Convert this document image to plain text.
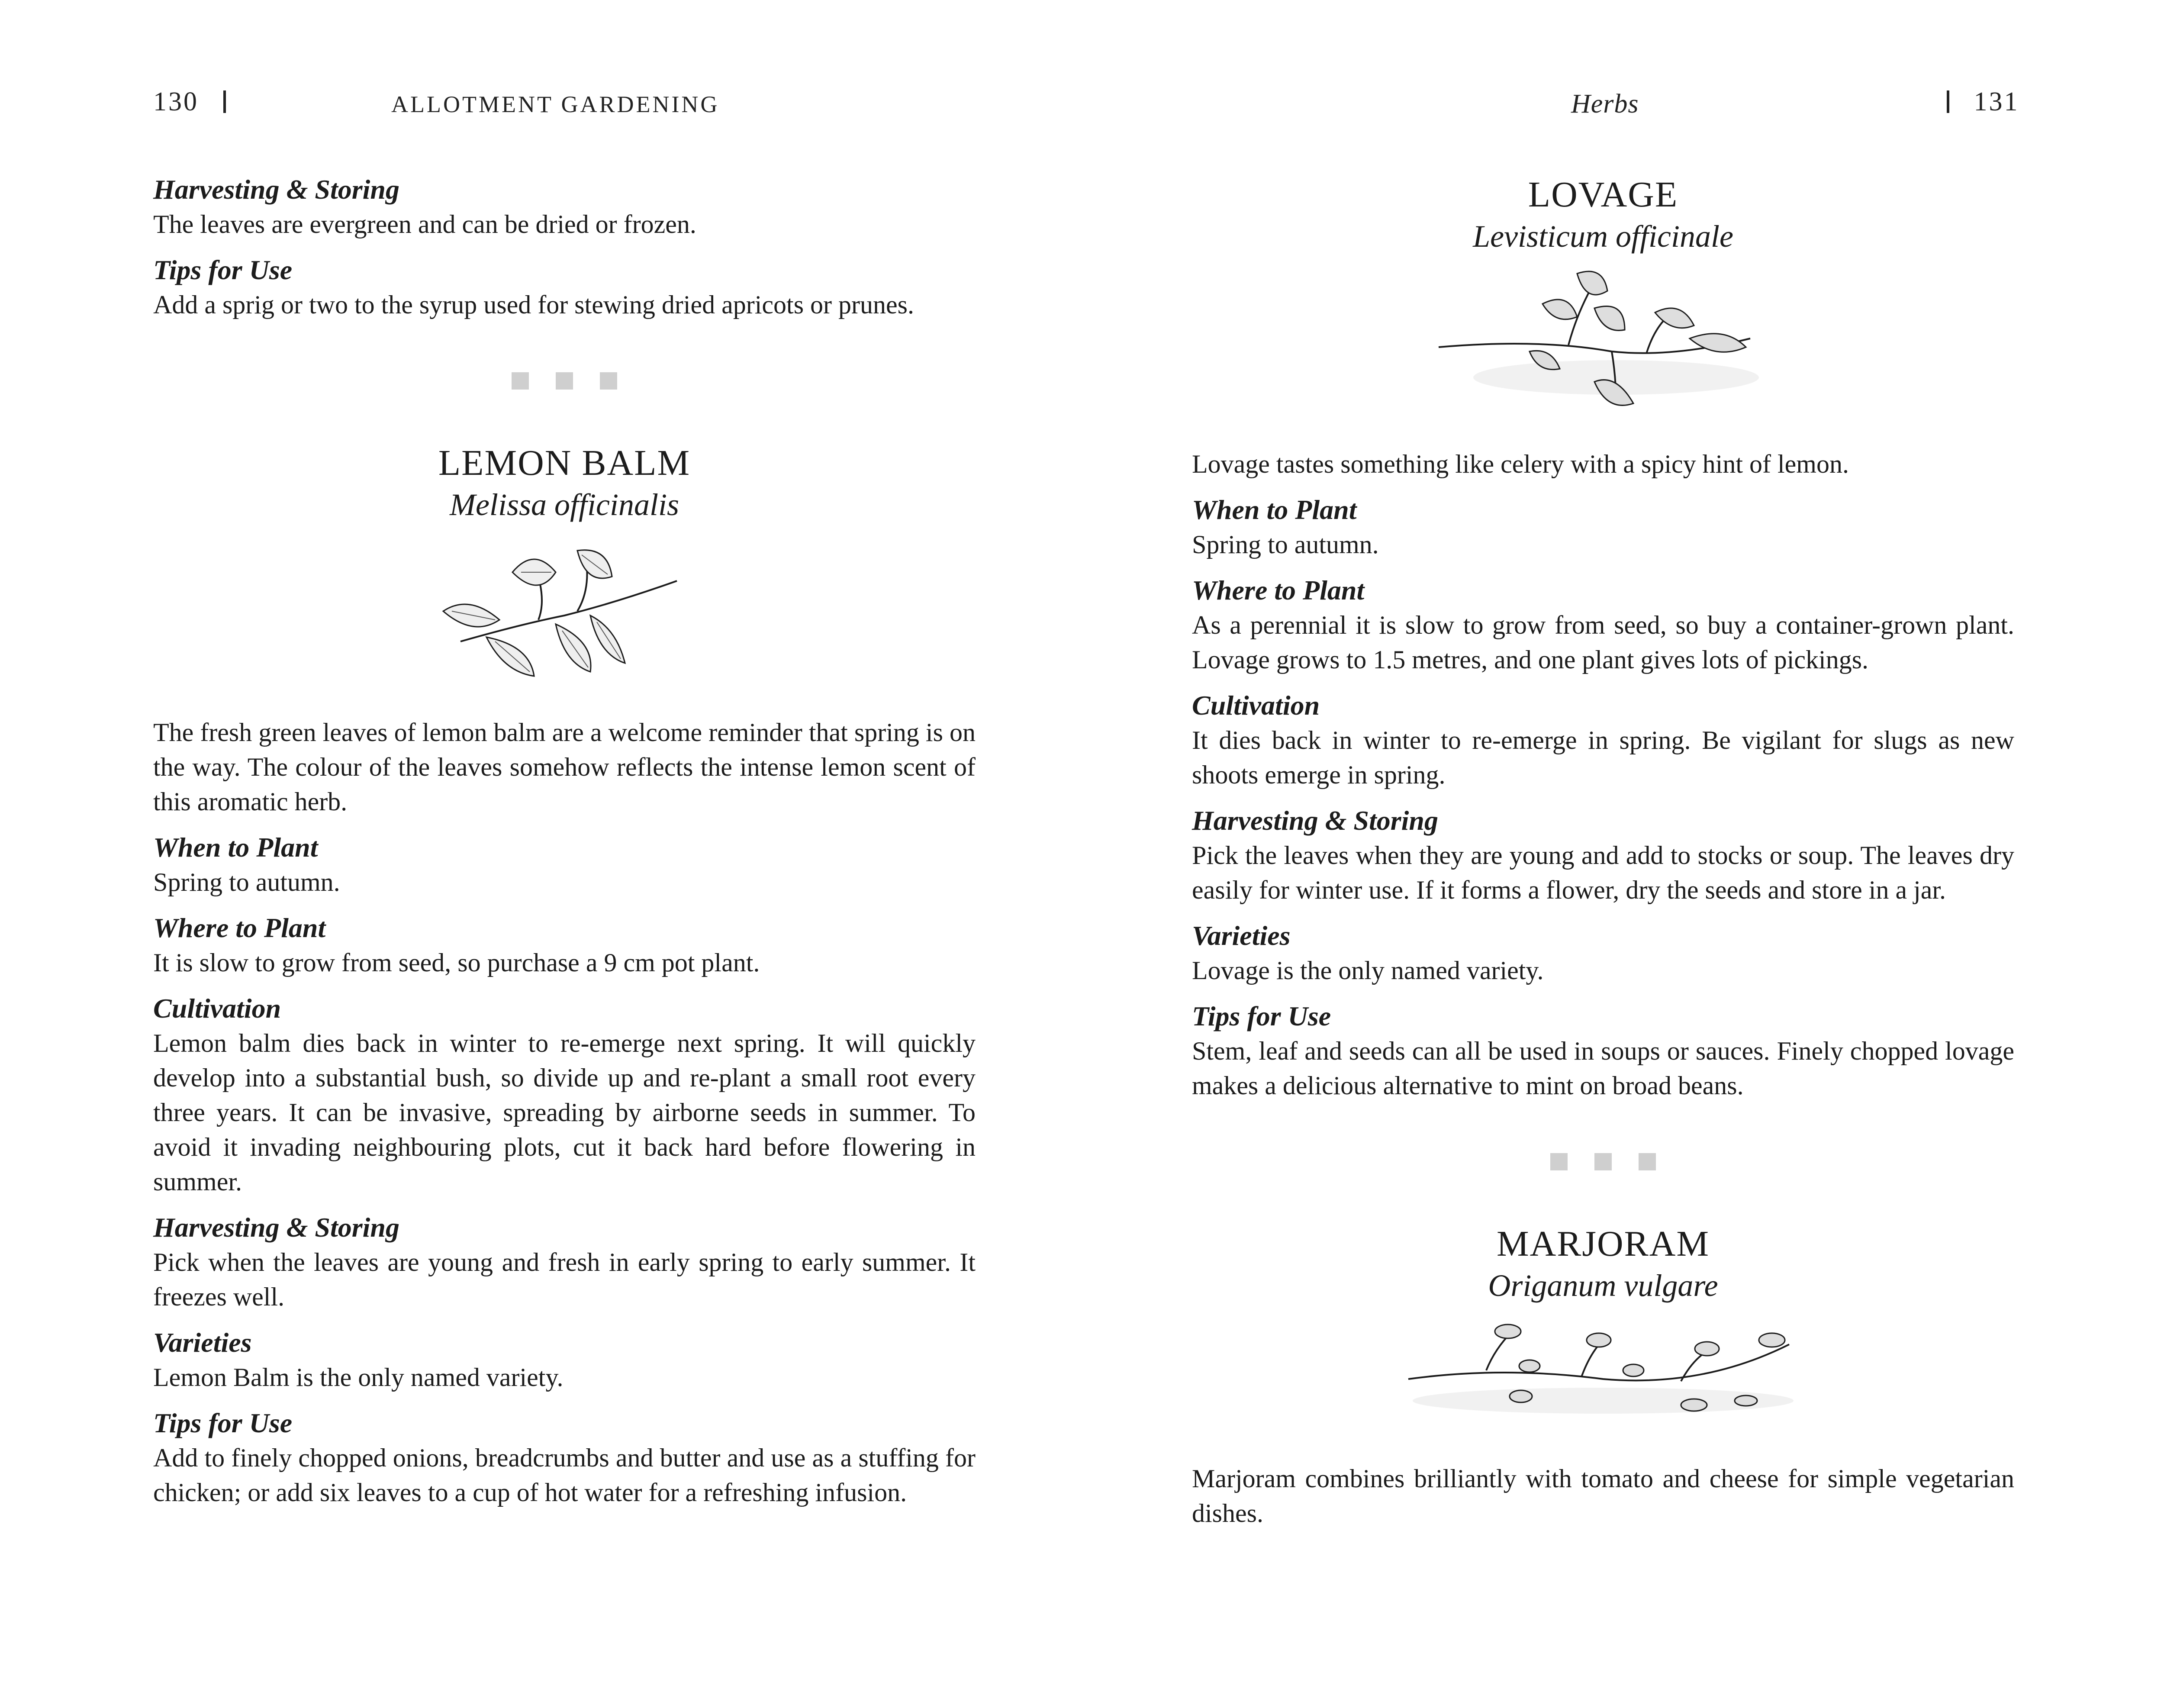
130	ALLOTMENT GARDENING

Harvesting & Storing

The leaves are evergreen and can be dried or frozen.

Tips for Use

Add a sprig or two to the syrup used for stewing dried apricots or prunes.

LEMON BALM

Melissa officinalis

The fresh green leaves of lemon balm are a welcome reminder that spring is on the way. The colour of the leaves somehow reflects the intense lemon scent of this aromatic herb.

When to Plant

Spring to autumn.

Where to Plant

It is slow to grow from seed, so purchase a 9 cm pot plant.

Cultivation

Lemon balm dies back in winter to re-emerge next spring. It will quickly develop into a substantial bush, so divide up and re-plant a small root every three years. It can be invasive, spreading by airborne seeds in summer. To avoid it invading neighbouring plots, cut it back hard before flowering in summer.

Harvesting & Storing

Pick when the leaves are young and fresh in early spring to early summer. It freezes well.

Varieties

Lemon Balm is the only named variety.

Tips for Use

Add to finely chopped onions, breadcrumbs and butter and use as a stuffing for chicken; or add six leaves to a cup of hot water for a refreshing infusion.

Herbs	131

LOVAGE

Levisticum officinale

Lovage tastes something like celery with a spicy hint of lemon.

When to Plant

Spring to autumn.

Where to Plant

As a perennial it is slow to grow from seed, so buy a container-grown plant. Lovage grows to 1.5 metres, and one plant gives lots of pickings.

Cultivation

It dies back in winter to re-emerge in spring. Be vigilant for slugs as new shoots emerge in spring.

Harvesting & Storing

Pick the leaves when they are young and add to stocks or soup. The leaves dry easily for winter use. If it forms a flower, dry the seeds and store in a jar.

Varieties

Lovage is the only named variety.

Tips for Use

Stem, leaf and seeds can all be used in soups or sauces. Finely chopped lovage makes a delicious alternative to mint on broad beans.

MARJORAM

Origanum vulgare

Marjoram combines brilliantly with tomato and cheese for simple vegetarian dishes.
